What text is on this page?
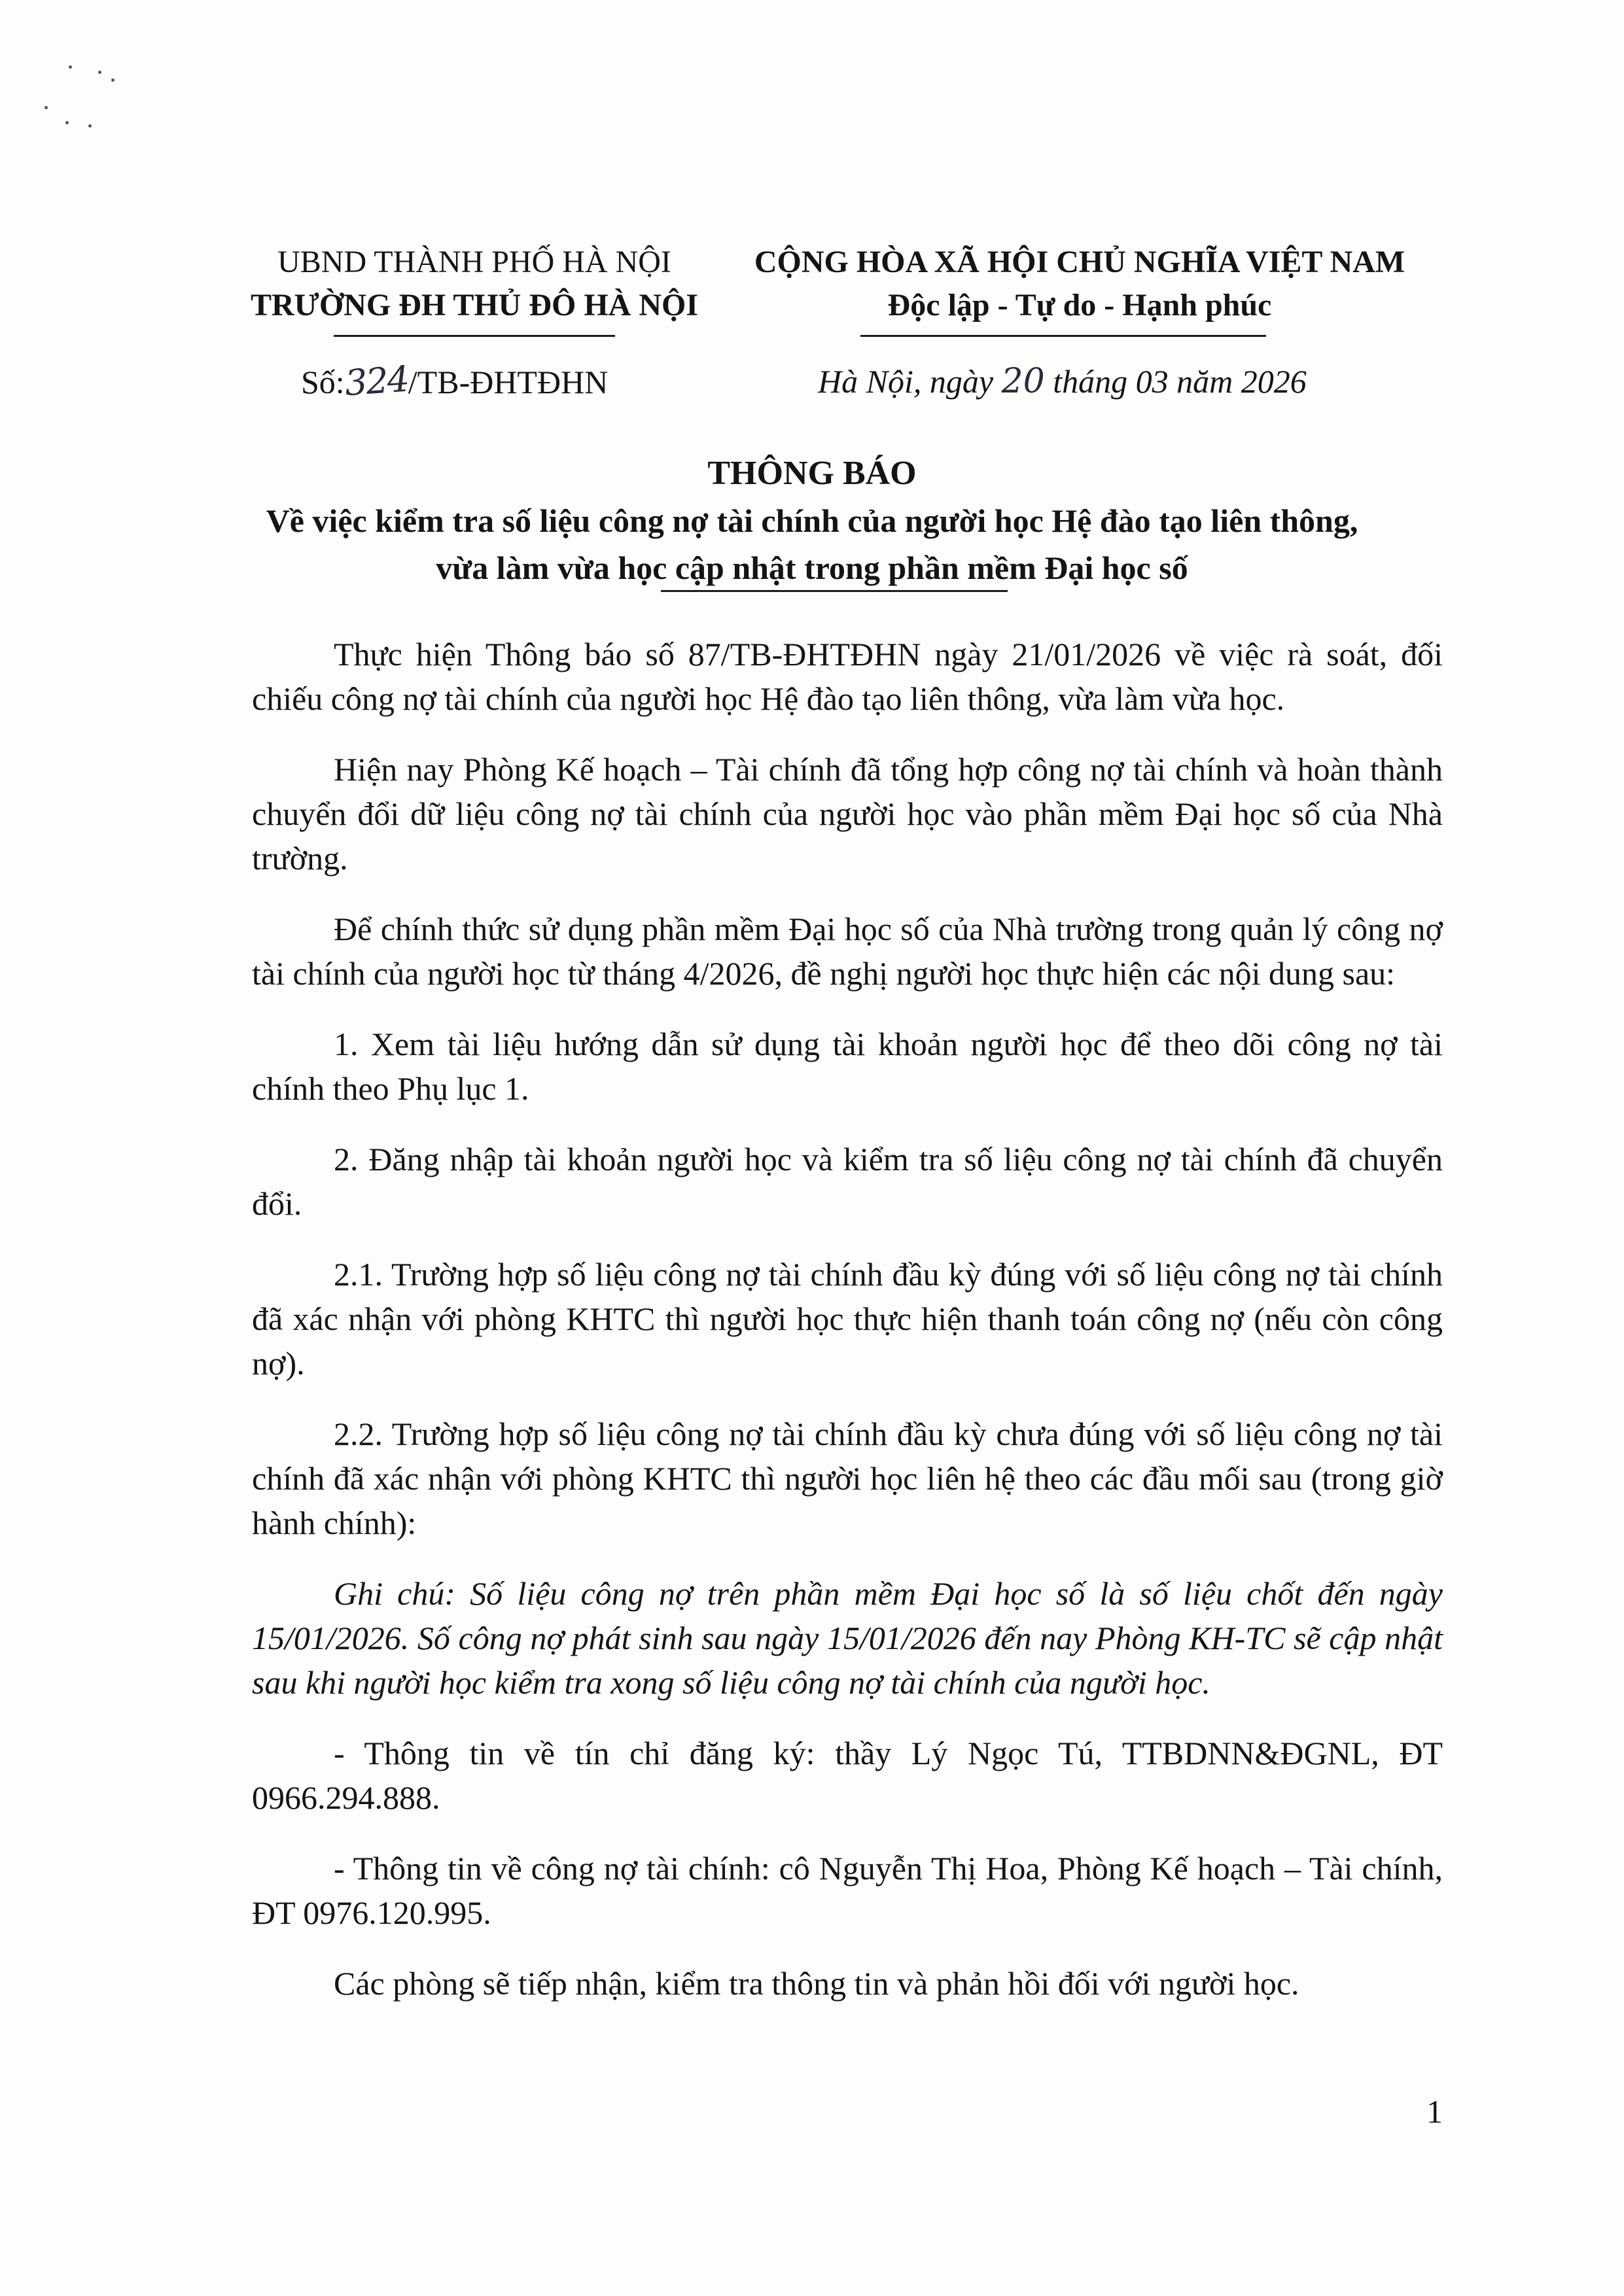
UBND THÀNH PHỐ HÀ NỘI
TRƯỜNG ĐH THỦ ĐÔ HÀ NỘI
CỘNG HÒA XÃ HỘI CHỦ NGHĨA VIỆT NAM
Độc lập - Tự do - Hạnh phúc
Số:324/TB-ĐHTĐHN	Hà Nội, ngày 20 tháng 03 năm 2026
THÔNG BÁO
Về việc kiểm tra số liệu công nợ tài chính của người học Hệ đào tạo liên thông,
vừa làm vừa học cập nhật trong phần mềm Đại học số

Thực hiện Thông báo số 87/TB-ĐHTĐHN ngày 21/01/2026 về việc rà soát, đối chiếu công nợ tài chính của người học Hệ đào tạo liên thông, vừa làm vừa học.

Hiện nay Phòng Kế hoạch – Tài chính đã tổng hợp công nợ tài chính và hoàn thành chuyển đổi dữ liệu công nợ tài chính của người học vào phần mềm Đại học số của Nhà trường.

Để chính thức sử dụng phần mềm Đại học số của Nhà trường trong quản lý công nợ tài chính của người học từ tháng 4/2026, đề nghị người học thực hiện các nội dung sau:

1. Xem tài liệu hướng dẫn sử dụng tài khoản người học để theo dõi công nợ tài chính theo Phụ lục 1.

2. Đăng nhập tài khoản người học và kiểm tra số liệu công nợ tài chính đã chuyển đổi.

2.1. Trường hợp số liệu công nợ tài chính đầu kỳ đúng với số liệu công nợ tài chính đã xác nhận với phòng KHTC thì người học thực hiện thanh toán công nợ (nếu còn công nợ).

2.2. Trường hợp số liệu công nợ tài chính đầu kỳ chưa đúng với số liệu công nợ tài chính đã xác nhận với phòng KHTC thì người học liên hệ theo các đầu mối sau (trong giờ hành chính):

Ghi chú: Số liệu công nợ trên phần mềm Đại học số là số liệu chốt đến ngày 15/01/2026. Số công nợ phát sinh sau ngày 15/01/2026 đến nay Phòng KH-TC sẽ cập nhật sau khi người học kiểm tra xong số liệu công nợ tài chính của người học.

- Thông tin về tín chỉ đăng ký: thầy Lý Ngọc Tú, TTBDNN&ĐGNL, ĐT 0966.294.888.

- Thông tin về công nợ tài chính: cô Nguyễn Thị Hoa, Phòng Kế hoạch – Tài chính, ĐT 0976.120.995.

Các phòng sẽ tiếp nhận, kiểm tra thông tin và phản hồi đối với người học.

1
